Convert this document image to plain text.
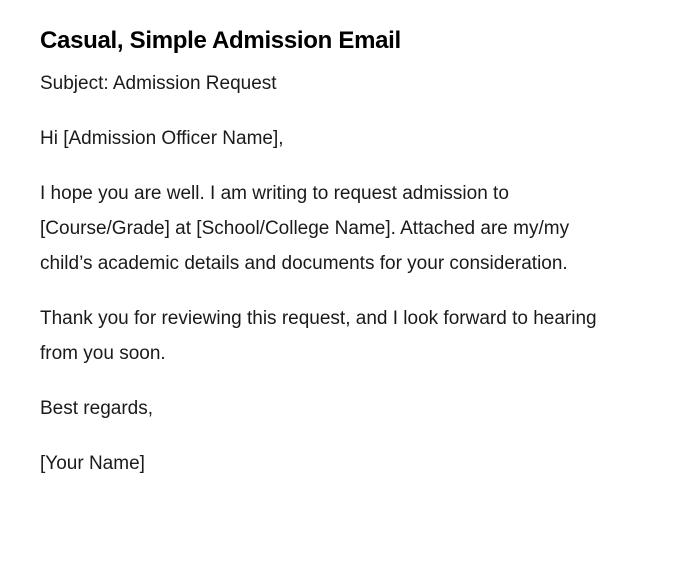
Casual, Simple Admission Email

Subject: Admission Request

Hi [Admission Officer Name],

I hope you are well. I am writing to request admission to [Course/Grade] at [School/College Name]. Attached are my/my child’s academic details and documents for your consideration.

Thank you for reviewing this request, and I look forward to hearing from you soon.

Best regards,

[Your Name]
